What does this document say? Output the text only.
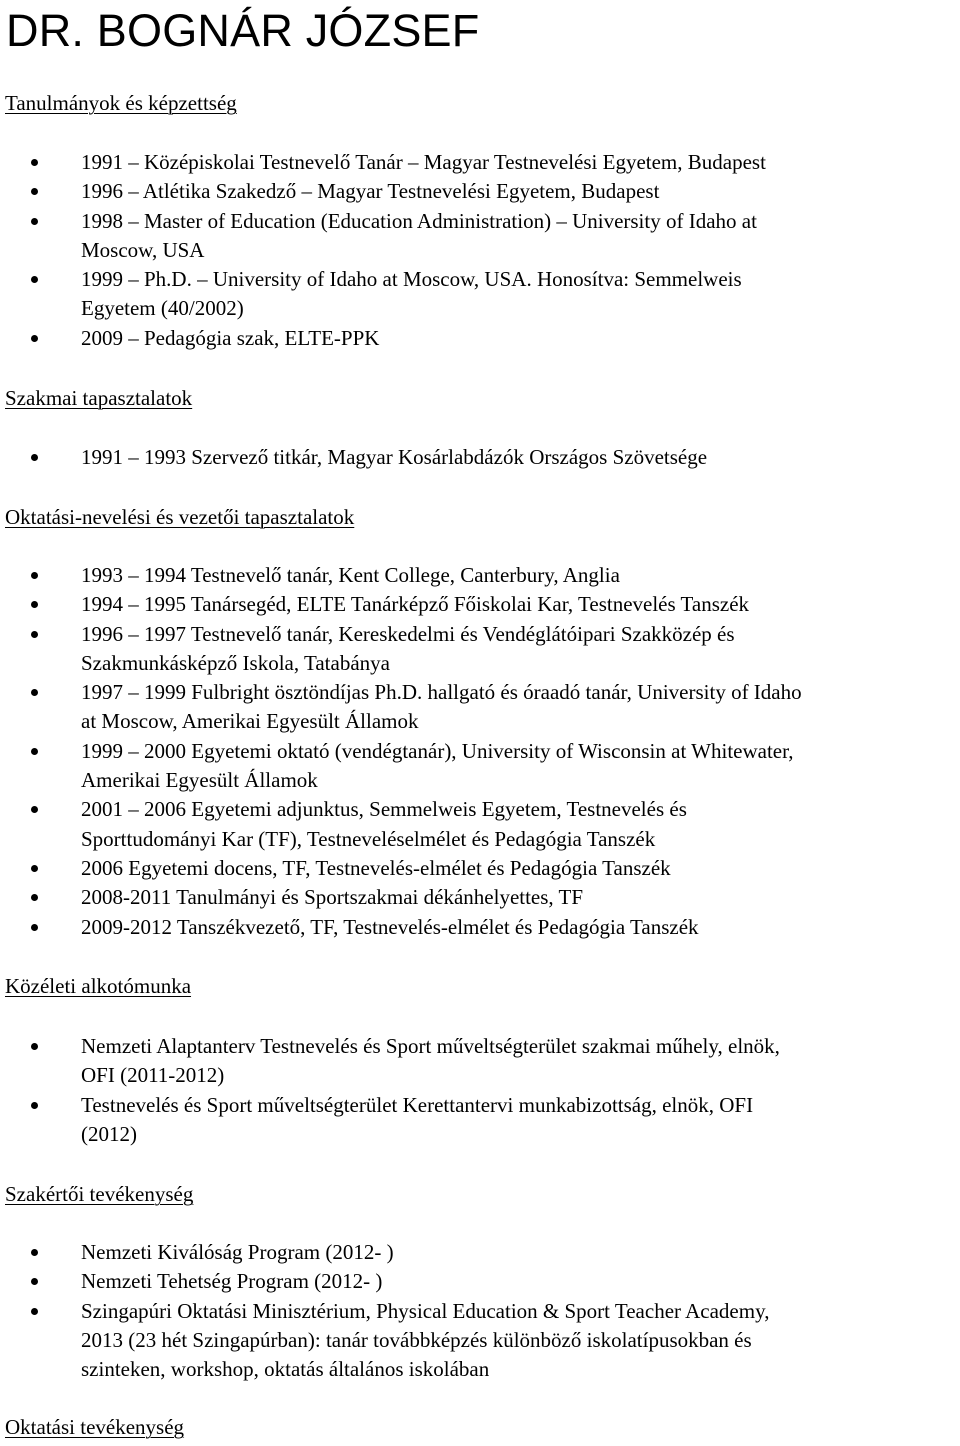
DR. BOGNÁR JÓZSEF
Tanulmányok és képzettség
1991 – Középiskolai Testnevelő Tanár – Magyar Testnevelési Egyetem, Budapest
1996 – Atlétika Szakedző – Magyar Testnevelési Egyetem, Budapest
1998 – Master of Education (Education Administration) – University of Idaho at
Moscow, USA
1999 – Ph.D. – University of Idaho at Moscow, USA. Honosítva: Semmelweis
Egyetem (40/2002)
2009 – Pedagógia szak, ELTE-PPK
Szakmai tapasztalatok
1991 – 1993 Szervező titkár, Magyar Kosárlabdázók Országos Szövetsége
Oktatási-nevelési és vezetői tapasztalatok
1993 – 1994 Testnevelő tanár, Kent College, Canterbury, Anglia
1994 – 1995 Tanársegéd, ELTE Tanárképző Főiskolai Kar, Testnevelés Tanszék
1996 – 1997 Testnevelő tanár, Kereskedelmi és Vendéglátóipari Szakközép és
Szakmunkásképző Iskola, Tatabánya
1997 – 1999 Fulbright ösztöndíjas Ph.D. hallgató és óraadó tanár, University of Idaho
at Moscow, Amerikai Egyesült Államok
1999 – 2000 Egyetemi oktató (vendégtanár), University of Wisconsin at Whitewater,
Amerikai Egyesült Államok
2001 – 2006 Egyetemi adjunktus, Semmelweis Egyetem, Testnevelés és
Sporttudományi Kar (TF), Testneveléselmélet és Pedagógia Tanszék
2006 Egyetemi docens, TF, Testnevelés-elmélet és Pedagógia Tanszék
2008-2011 Tanulmányi és Sportszakmai dékánhelyettes, TF
2009-2012 Tanszékvezető, TF, Testnevelés-elmélet és Pedagógia Tanszék
Közéleti alkotómunka
Nemzeti Alaptanterv Testnevelés és Sport műveltségterület szakmai műhely, elnök,
OFI (2011-2012)
Testnevelés és Sport műveltségterület Kerettantervi munkabizottság, elnök, OFI
(2012)
Szakértői tevékenység
Nemzeti Kiválóság Program (2012- )
Nemzeti Tehetség Program (2012- )
Szingapúri Oktatási Minisztérium, Physical Education & Sport Teacher Academy,
2013 (23 hét Szingapúrban): tanár továbbképzés különböző iskolatípusokban és
szinteken, workshop, oktatás általános iskolában
Oktatási tevékenység
